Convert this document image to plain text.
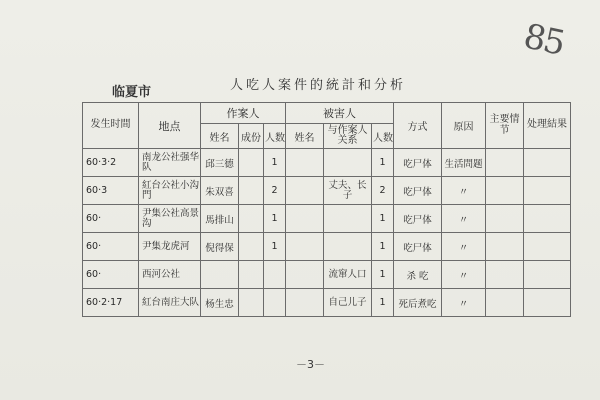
85
临夏市	人吃人案件的統計和分析
发生时間	地点	作案人			被害人			方式	原因	主要情节	处理結果
		姓名	成份	人数	姓名	与作案人关系	人数				
60·3·2	南龙公社强华队	邱三德		1			1	吃尸体	生活問题		
60·3	紅台公社小沟門	朱双喜		2		丈夫、长子	2	吃尸体	〃		
60·	尹集公社高景沟	馬排山		1			1	吃尸体	〃		
60·	尹集龙虎河	倪得保		1			1	吃尸体	〃		
60·	西河公社					流窜人口	1	杀 吃	〃		
60·2·17	紅台南庄大队	杨生忠				自己儿子	1	死后煮吃	〃		
－3－
